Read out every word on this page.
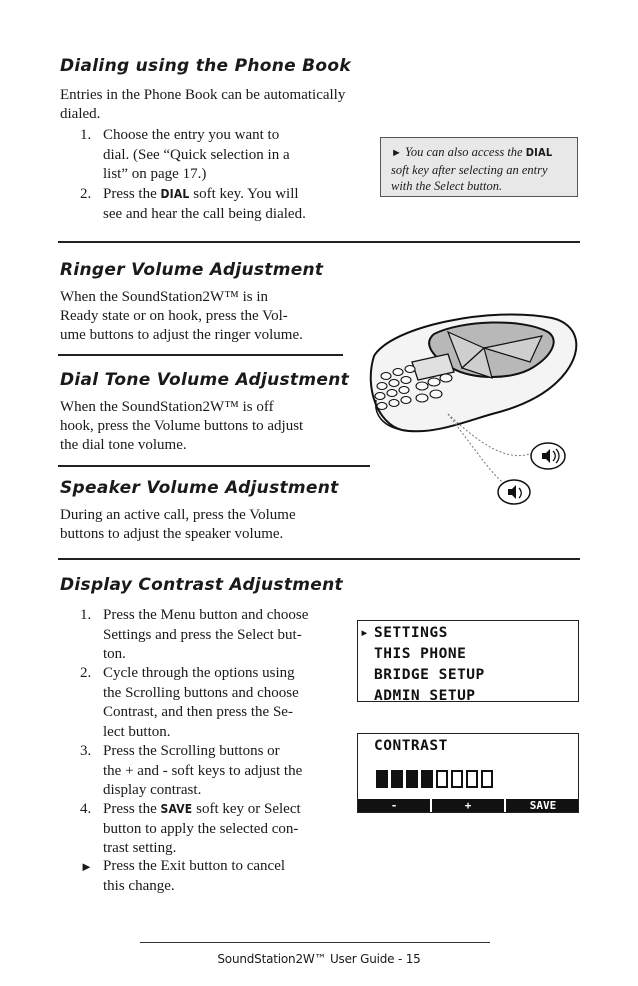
Dialing using the Phone Book
Entries in the Phone Book can be automatically
dialed.
1. Choose the entry you want to
dial. (See “Quick selection in a
list” on page 17.)
2. Press the DIAL soft key. You will
see and hear the call being dialed.
► You can also access the DIAL
soft key after selecting an entry
with the Select button.
Ringer Volume Adjustment
When the SoundStation2W™ is in
Ready state or on hook, press the Vol-
ume buttons to adjust the ringer volume.
Dial Tone Volume Adjustment
When the SoundStation2W™ is off
hook, press the Volume buttons to adjust
the dial tone volume.
Speaker Volume Adjustment
During an active call, press the Volume
buttons to adjust the speaker volume.
Display Contrast Adjustment
1. Press the Menu button and choose
Settings and press the Select but-
ton.
2. Cycle through the options using
the Scrolling buttons and choose
Contrast, and then press the Se-
lect button.
3. Press the Scrolling buttons or
the + and - soft keys to adjust the
display contrast.
4. Press the SAVE soft key or Select
button to apply the selected con-
trast setting.
► Press the Exit button to cancel
this change.
▸ SETTINGS
THIS PHONE
BRIDGE SETUP
ADMIN SETUP
CONTRAST
-	+	SAVE
SoundStation2W™ User Guide - 15
